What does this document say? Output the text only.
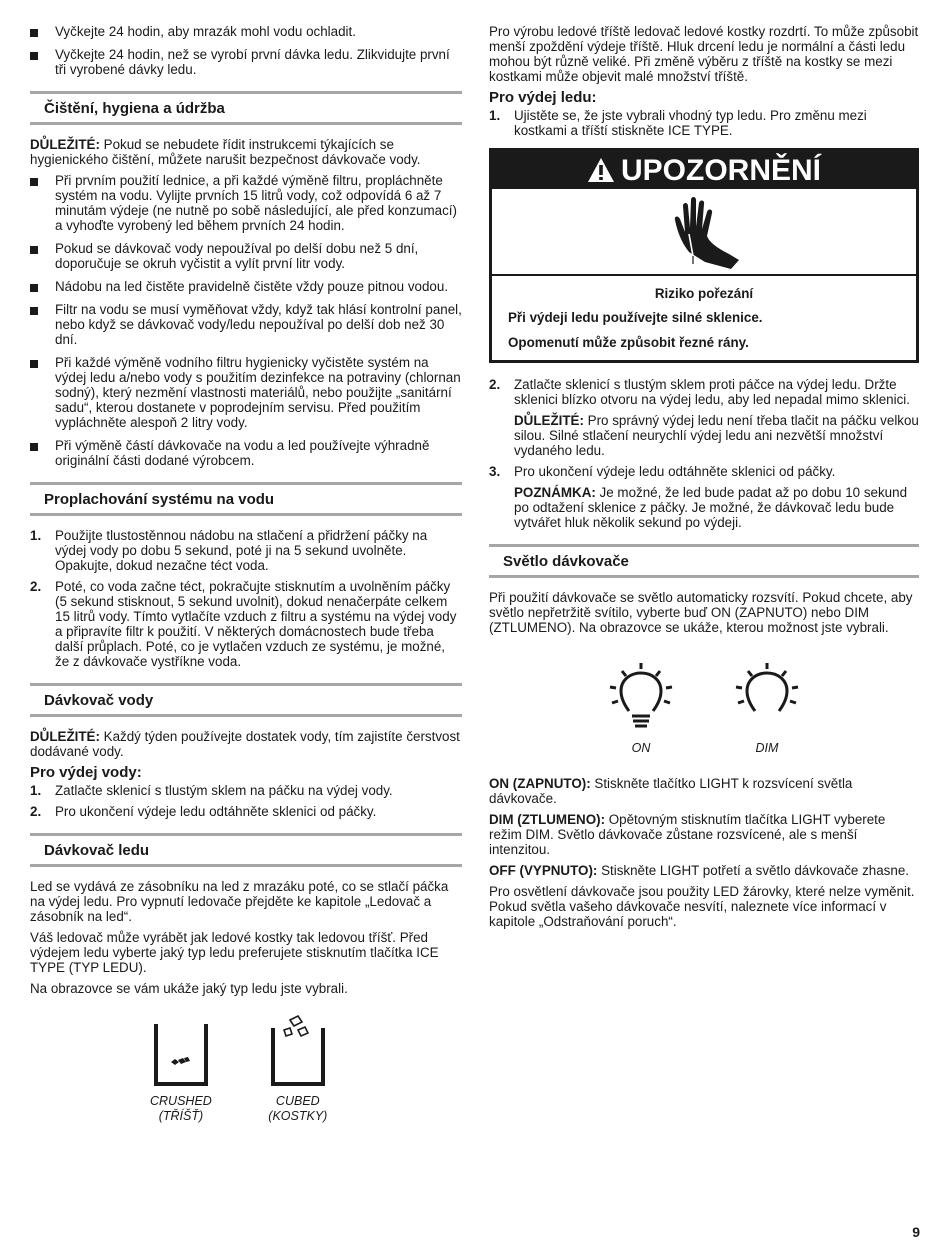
Vyčkejte 24 hodin, aby mrazák mohl vodu ochladit.
Vyčkejte 24 hodin, než se vyrobí první dávka ledu. Zlikvidujte první tři vyrobené dávky ledu.
Čištění, hygiena a údržba

DŮLEŽITÉ: Pokud se nebudete řídit instrukcemi týkajících se hygienického čištění, můžete narušit bezpečnost dávkovače vody.

Při prvním použití lednice, a při každé výměně filtru, propláchněte systém na vodu. Vylijte prvních 15 litrů vody, což odpovídá 6 až 7 minutám výdeje (ne nutně po sobě následující, ale před konzumací) a vyhoďte vyrobený led během prvních 24 hodin.
Pokud se dávkovač vody nepoužíval po delší dobu než 5 dní, doporučuje se okruh vyčistit a vylít první litr vody.
Nádobu na led čistěte pravidelně čistěte vždy pouze pitnou vodou.
Filtr na vodu se musí vyměňovat vždy, když tak hlásí kontrolní panel, nebo když se dávkovač vody/ledu nepoužíval po delší dob než 30 dní.
Při každé výměně vodního filtru hygienicky vyčistěte systém na výdej ledu a/nebo vody s použitím dezinfekce na potraviny (chlornan sodný), který nezmění vlastnosti materiálů, nebo použijte „sanitární sadu“, kterou dostanete v poprodejním servisu. Před použitím vypláchněte alespoň 2 litry vody.
Při výměně částí dávkovače na vodu a led používejte výhradně originální části dodané výrobcem.
Proplachování systému na vodu
1. Použijte tlustostěnnou nádobu na stlačení a přidržení páčky na výdej vody po dobu 5 sekund, poté ji na 5 sekund uvolněte. Opakujte, dokud nezačne téct voda.
2. Poté, co voda začne téct, pokračujte stisknutím a uvolněním páčky (5 sekund stisknout, 5 sekund uvolnit), dokud nenačerpáte celkem 15 litrů vody. Tímto vytlačíte vzduch z filtru a systému na výdej vody a připravíte filtr k použití. V některých domácnostech bude třeba další průplach. Poté, co je vytlačen vzduch ze systému, je možné, že z dávkovače vystříkne voda.
Dávkovač vody

DŮLEŽITÉ: Každý týden používejte dostatek vody, tím zajistíte čerstvost dodávané vody.

Pro výdej vody:
1. Zatlačte sklenicí s tlustým sklem na páčku na výdej vody.
2. Pro ukončení výdeje ledu odtáhněte sklenici od páčky.
Dávkovač ledu

Led se vydává ze zásobníku na led z mrazáku poté, co se stlačí páčka na výdej ledu. Pro vypnutí ledovače přejděte ke kapitole „Ledovač a zásobník na led“.

Váš ledovač může vyrábět jak ledové kostky tak ledovou tříšť. Před výdejem ledu vyberte jaký typ ledu preferujete stisknutím tlačítka ICE TYPE (TYP LEDU).

Na obrazovce se vám ukáže jaký typ ledu jste vybrali.

CRUSHED
(TŘÍŠŤ)
CUBED
(KOSTKY)

Pro výrobu ledové tříště ledovač ledové kostky rozdrtí. To může způsobit menší zpoždění výdeje tříště. Hluk drcení ledu je normální a části ledu mohou být různě veliké. Při změně výběru z tříště na kostky se mezi kostkami může objevit malé množství tříště.

Pro výdej ledu:
1. Ujistěte se, že jste vybrali vhodný typ ledu. Pro změnu mezi kostkami a tříští stiskněte ICE TYPE.
UPOZORNĚNÍ
Riziko pořezání
Při výdeji ledu používejte silné sklenice.
Opomenutí může způsobit řezné rány.
2. Zatlačte sklenicí s tlustým sklem proti páčce na výdej ledu. Držte sklenici blízko otvoru na výdej ledu, aby led nepadal mimo sklenici.

DŮLEŽITÉ: Pro správný výdej ledu není třeba tlačit na páčku velkou silou. Silné stlačení neurychlí výdej ledu ani nezvětší množství vydaného ledu.

3. Pro ukončení výdeje ledu odtáhněte sklenici od páčky.

POZNÁMKA: Je možné, že led bude padat až po dobu 10 sekund po odtažení sklenice z páčky. Je možné, že dávkovač ledu bude vytvářet hluk několik sekund po výdeji.

Světlo dávkovače

Při použití dávkovače se světlo automaticky rozsvítí. Pokud chcete, aby světlo nepřetržitě svítilo, vyberte buď ON (ZAPNUTO) nebo DIM (ZTLUMENO). Na obrazovce se ukáže, kterou možnost jste vybrali.

ON	DIM

ON (ZAPNUTO): Stiskněte tlačítko LIGHT k rozsvícení světla dávkovače.

DIM (ZTLUMENO): Opětovným stisknutím tlačítka LIGHT vyberete režim DIM. Světlo dávkovače zůstane rozsvícené, ale s menší intenzitou.

OFF (VYPNUTO): Stiskněte LIGHT potřetí a světlo dávkovače zhasne.

Pro osvětlení dávkovače jsou použity LED žárovky, které nelze vyměnit. Pokud světla vašeho dávkovače nesvítí, naleznete více informací v kapitole „Odstraňování poruch“.

9
